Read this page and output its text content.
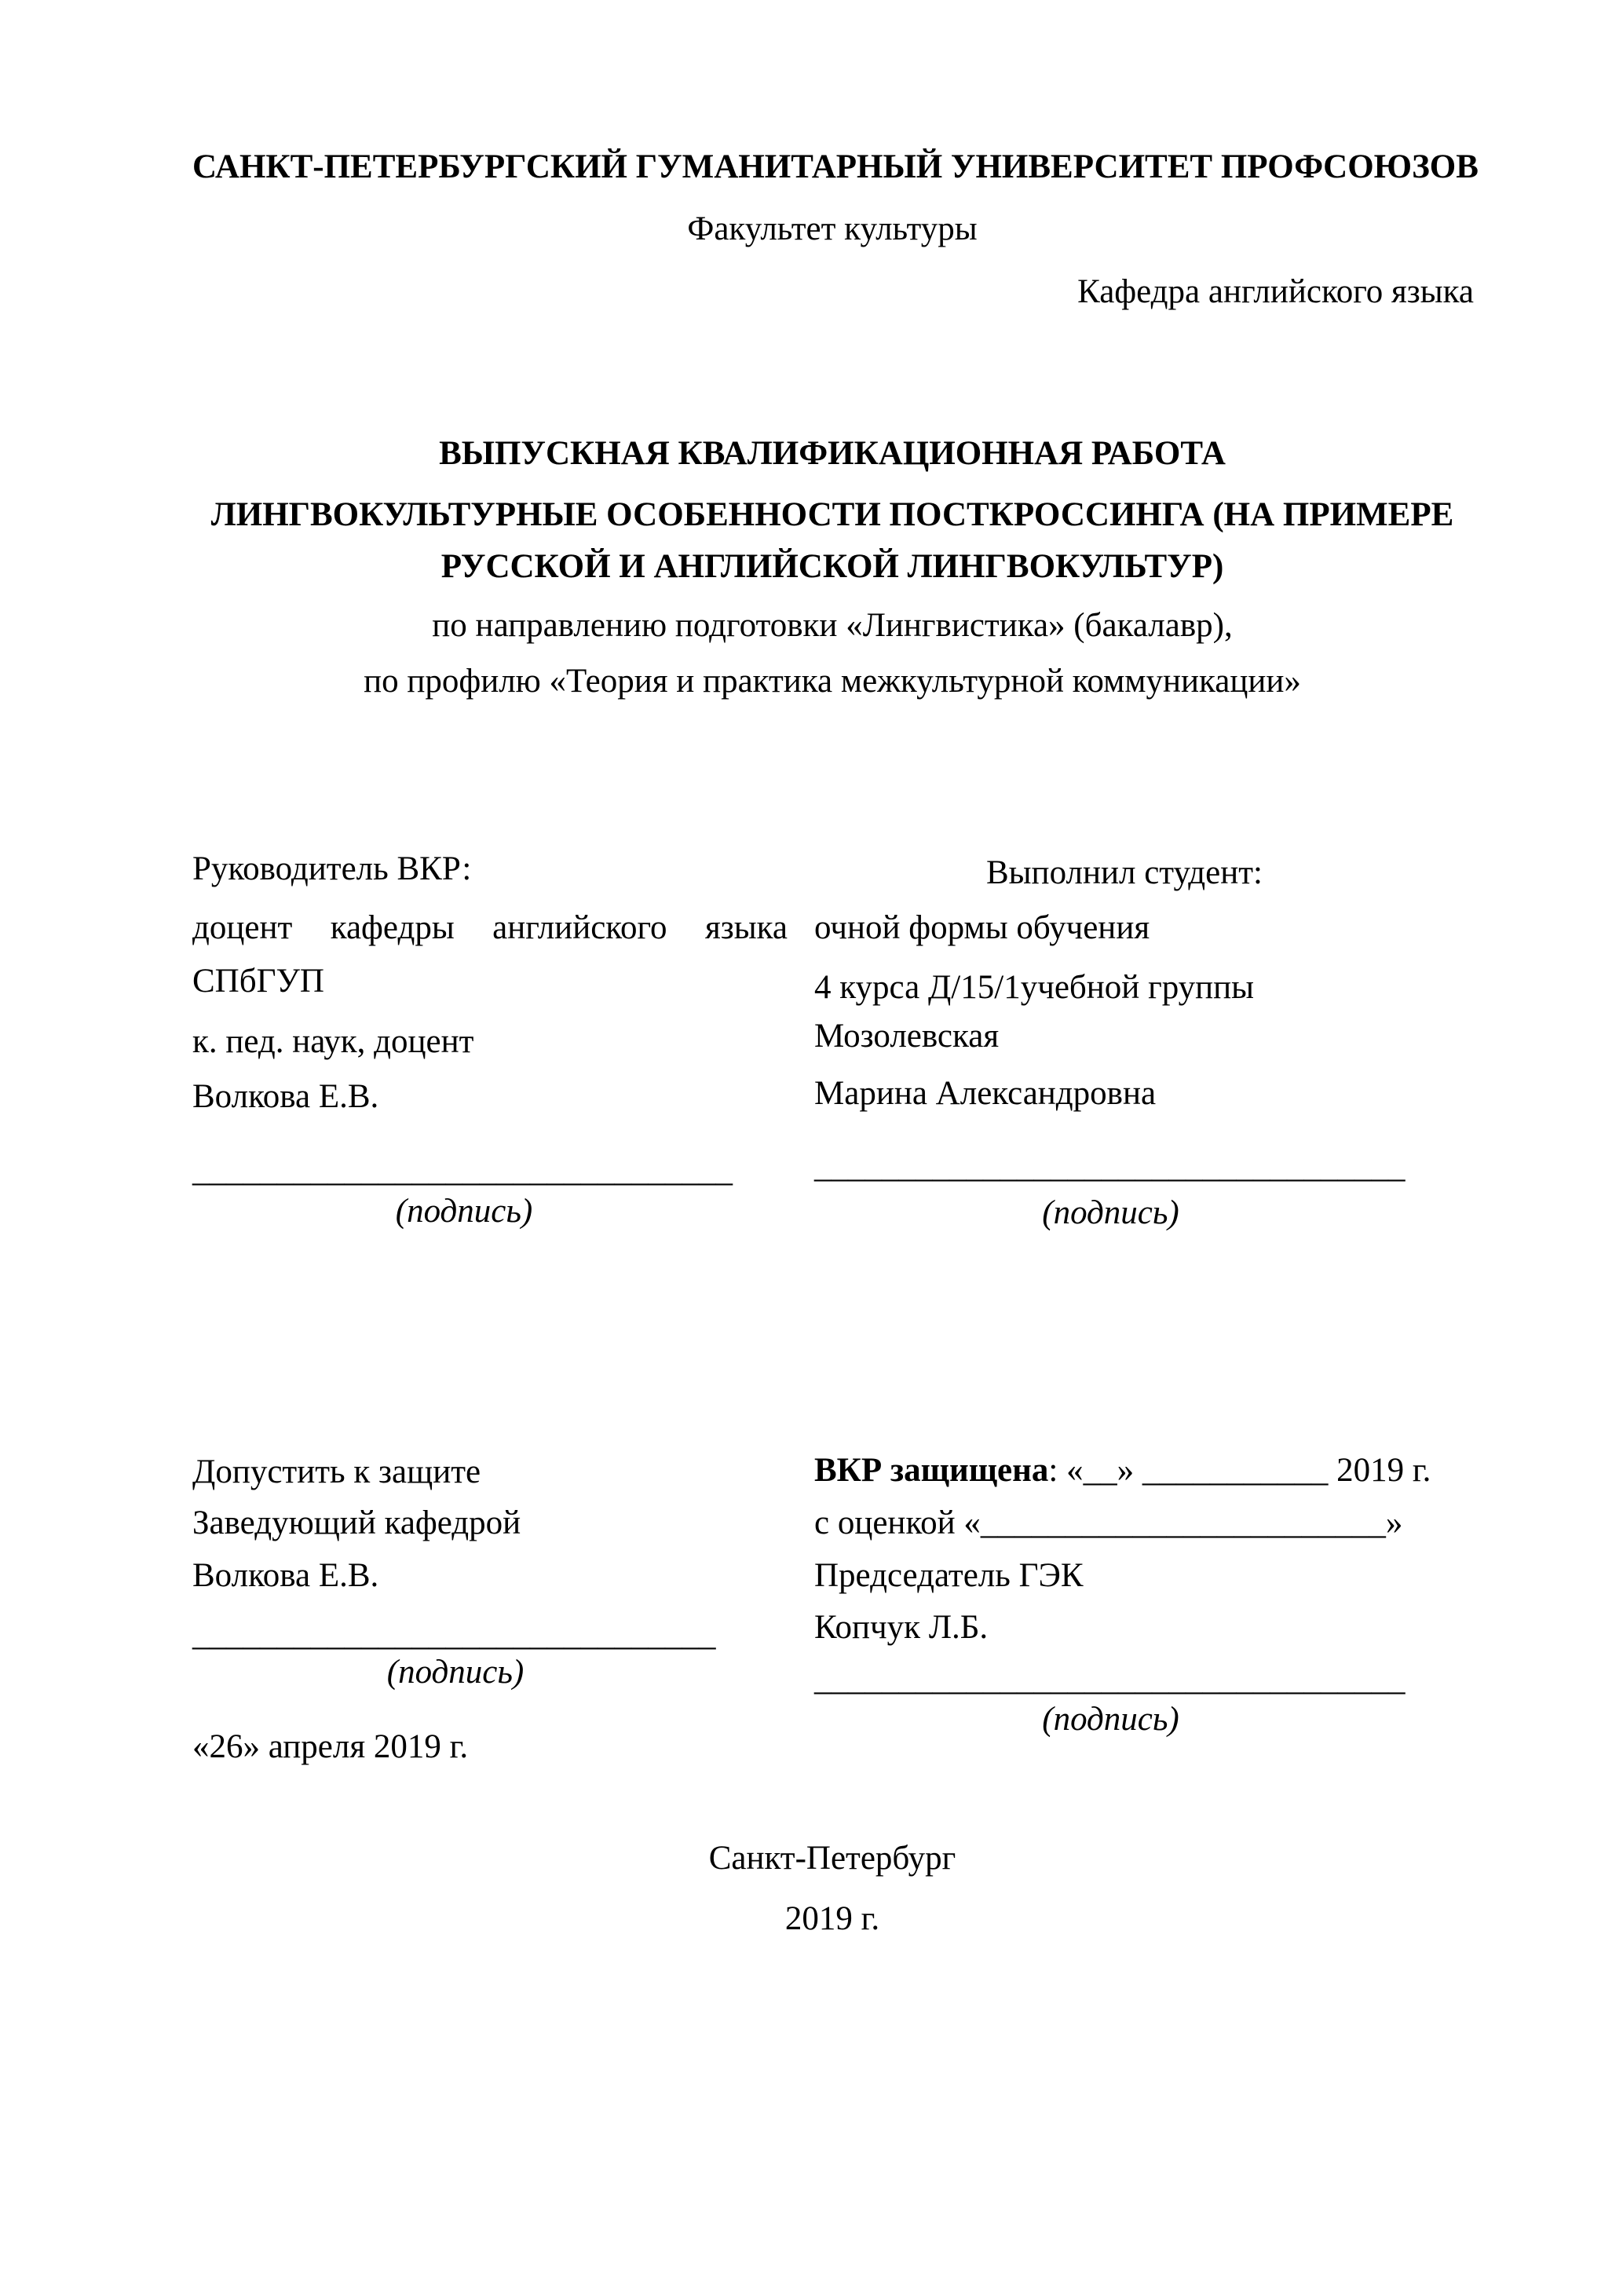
САНКТ-ПЕТЕРБУРГСКИЙ ГУМАНИТАРНЫЙ УНИВЕРСИТЕТ ПРОФСОЮЗОВ
Факультет культуры
Кафедра английского языка
ВЫПУСКНАЯ КВАЛИФИКАЦИОННАЯ РАБОТА
ЛИНГВОКУЛЬТУРНЫЕ ОСОБЕННОСТИ ПОСТКРОССИНГА (НА ПРИМЕРЕ
РУССКОЙ И АНГЛИЙСКОЙ ЛИНГВОКУЛЬТУР)
по направлению подготовки «Лингвистика» (бакалавр),
по профилю «Теория и практика межкультурной коммуникации»
Руководитель ВКР:
доцент кафедры английского языка
СПбГУП
к. пед. наук, доцент
Волкова Е.В.
________________________________
(подпись)
Выполнил студент:
очной формы обучения
4 курса Д/15/1учебной группы
Мозолевская
Марина Александровна
___________________________________
(подпись)
Допустить к защите
Заведующий кафедрой
Волкова Е.В.
_______________________________
(подпись)
«26» апреля 2019 г.
ВКР защищена: «__» ___________ 2019 г.
с оценкой «________________________»
Председатель ГЭК
Копчук Л.Б.
___________________________________
(подпись)
Санкт-Петербург
2019 г.
